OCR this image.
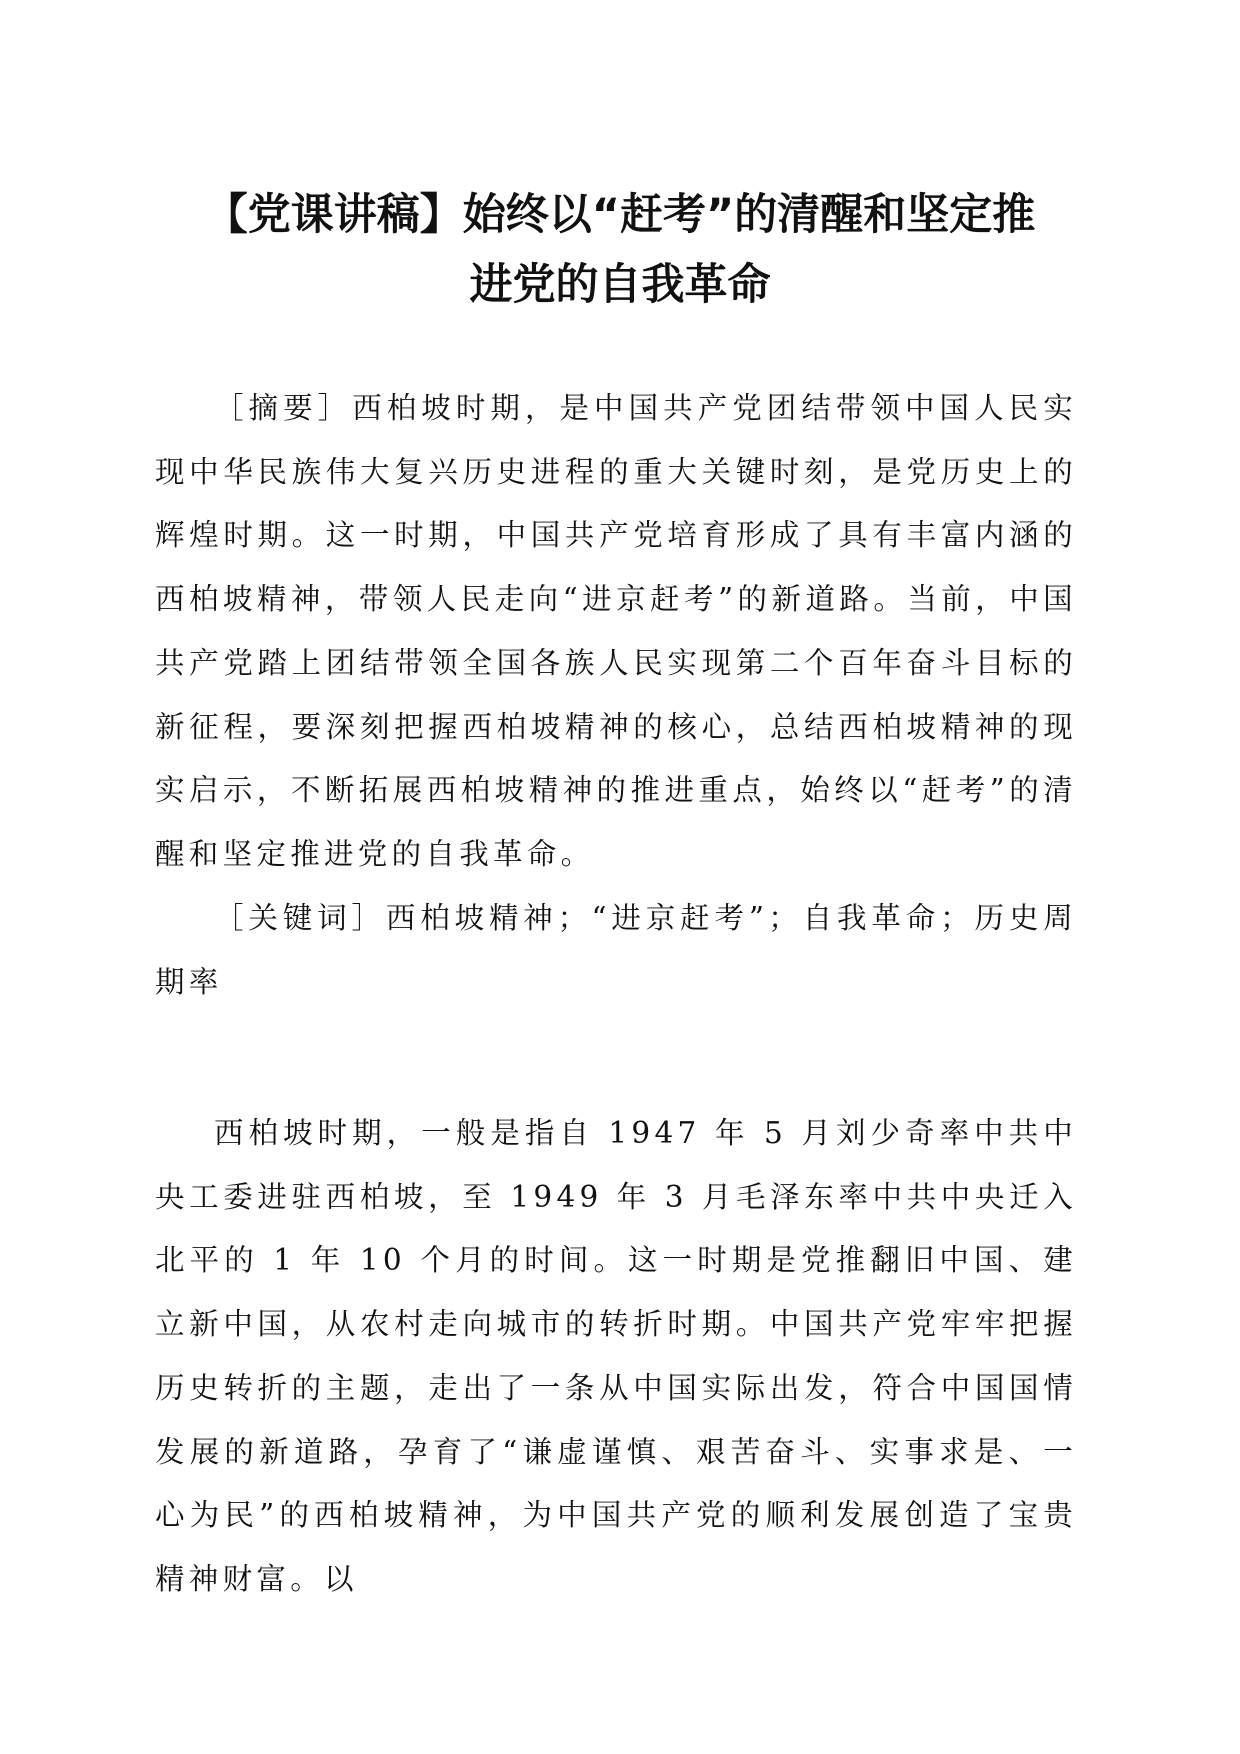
【党课讲稿】始终以“赶考”的清醒和坚定推
进党的自我革命

［摘要］西柏坡时期，是中国共产党团结带领中国人民实现中华民族伟大复兴历史进程的重大关键时刻，是党历史上的辉煌时期。这一时期，中国共产党培育形成了具有丰富内涵的西柏坡精神，带领人民走向“进京赶考”的新道路。当前，中国共产党踏上团结带领全国各族人民实现第二个百年奋斗目标的新征程，要深刻把握西柏坡精神的核心，总结西柏坡精神的现实启示，不断拓展西柏坡精神的推进重点，始终以“赶考”的清醒和坚定推进党的自我革命。

［关键词］西柏坡精神；“进京赶考”；自我革命；历史周期率

西柏坡时期，一般是指自 1947 年 5 月刘少奇率中共中央工委进驻西柏坡，至 1949 年 3 月毛泽东率中共中央迁入北平的 1 年 10 个月的时间。这一时期是党推翻旧中国、建立新中国，从农村走向城市的转折时期。中国共产党牢牢把握历史转折的主题，走出了一条从中国实际出发，符合中国国情发展的新道路，孕育了“谦虚谨慎、艰苦奋斗、实事求是、一心为民”的西柏坡精神，为中国共产党的顺利发展创造了宝贵精神财富。以
